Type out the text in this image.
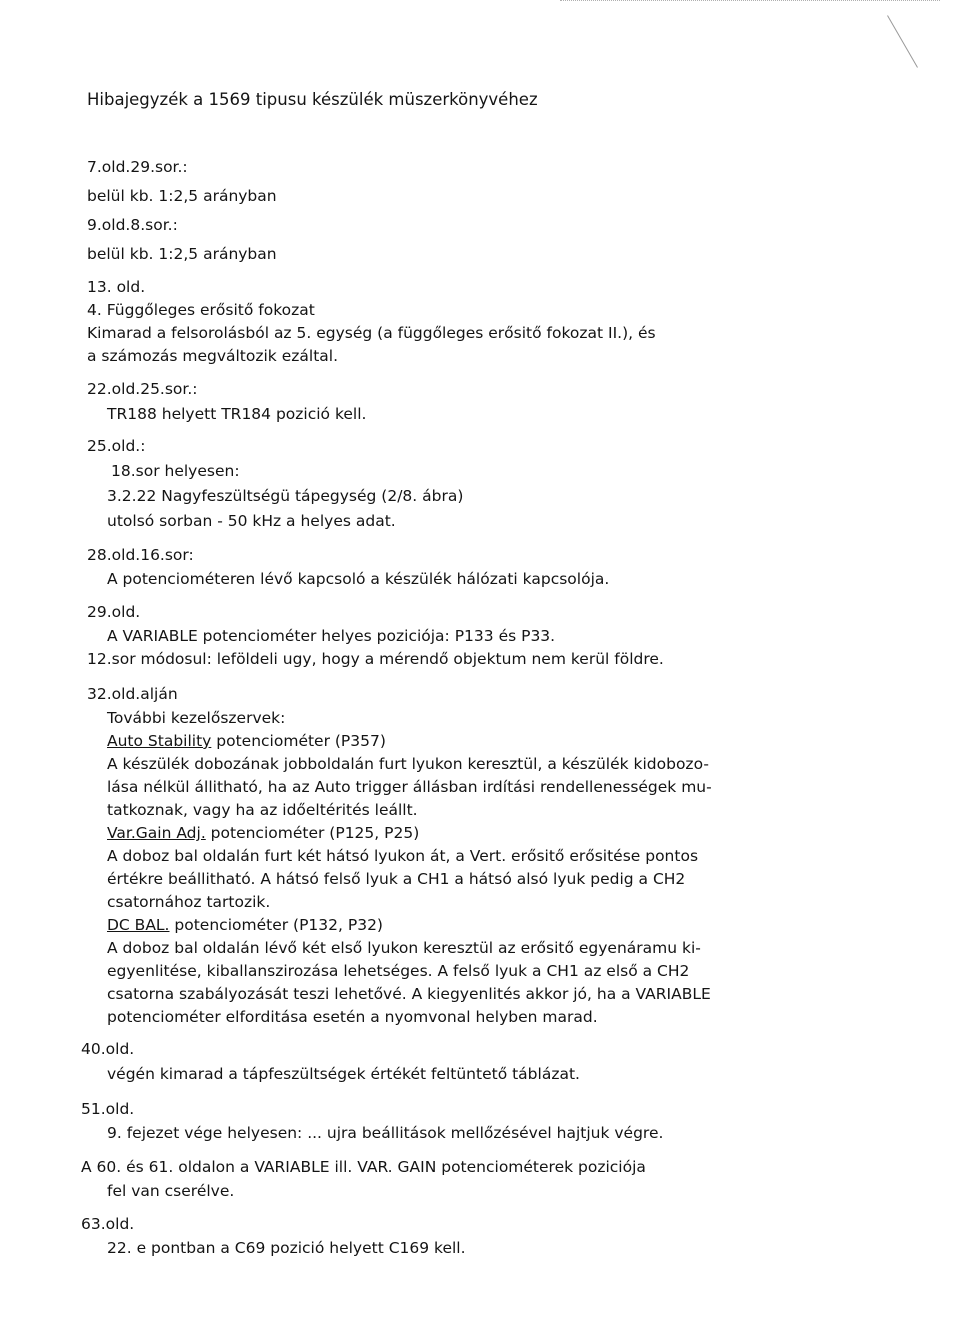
Hibajegyzék a 1569 tipusu készülék müszerkönyvéhez
7.old.29.sor.:
belül kb. 1:2,5 arányban
9.old.8.sor.:
belül kb. 1:2,5 arányban
13. old.
4. Függőleges erősitő fokozat
Kimarad a felsorolásból az 5. egység (a függőleges erősitő fokozat II.), és
a számozás megváltozik ezáltal.
22.old.25.sor.:
TR188 helyett TR184 pozició kell.
25.old.:
18.sor helyesen:
3.2.22 Nagyfeszültségü tápegység (2/8. ábra)
utolsó sorban - 50 kHz a helyes adat.
28.old.16.sor:
A potenciométeren lévő kapcsoló a készülék hálózati kapcsolója.
29.old.
A VARIABLE potenciométer helyes poziciója: P133 és P33.
12.sor módosul: leföldeli ugy, hogy a mérendő objektum nem kerül földre.
32.old.alján
További kezelőszervek:
Auto Stability potenciométer (P357)
A készülék dobozának jobboldalán furt lyukon keresztül, a készülék kidobozo-
lása nélkül állitható, ha az Auto trigger állásban irdítási rendellenességek mu-
tatkoznak, vagy ha az időeltérités leállt.
Var.Gain Adj. potenciométer (P125, P25)
A doboz bal oldalán furt két hátsó lyukon át, a Vert. erősitő erősitése pontos
értékre beállitható. A hátsó felső lyuk a CH1 a hátsó alsó lyuk pedig a CH2
csatornához tartozik.
DC BAL. potenciométer (P132, P32)
A doboz bal oldalán lévő két első lyukon keresztül az erősitő egyenáramu ki-
egyenlitése, kiballanszirozása lehetséges. A felső lyuk a CH1 az első a CH2
csatorna szabályozását teszi lehetővé. A kiegyenlités akkor jó, ha a VARIABLE
potenciométer elforditása esetén a nyomvonal helyben marad.
40.old.
végén kimarad a tápfeszültségek értékét feltüntető táblázat.
51.old.
9. fejezet vége helyesen: ... ujra beállitások mellőzésével hajtjuk végre.
A 60. és 61. oldalon a VARIABLE ill. VAR. GAIN potenciométerek poziciója
fel van cserélve.
63.old.
22. e pontban a C69 pozició helyett C169 kell.
